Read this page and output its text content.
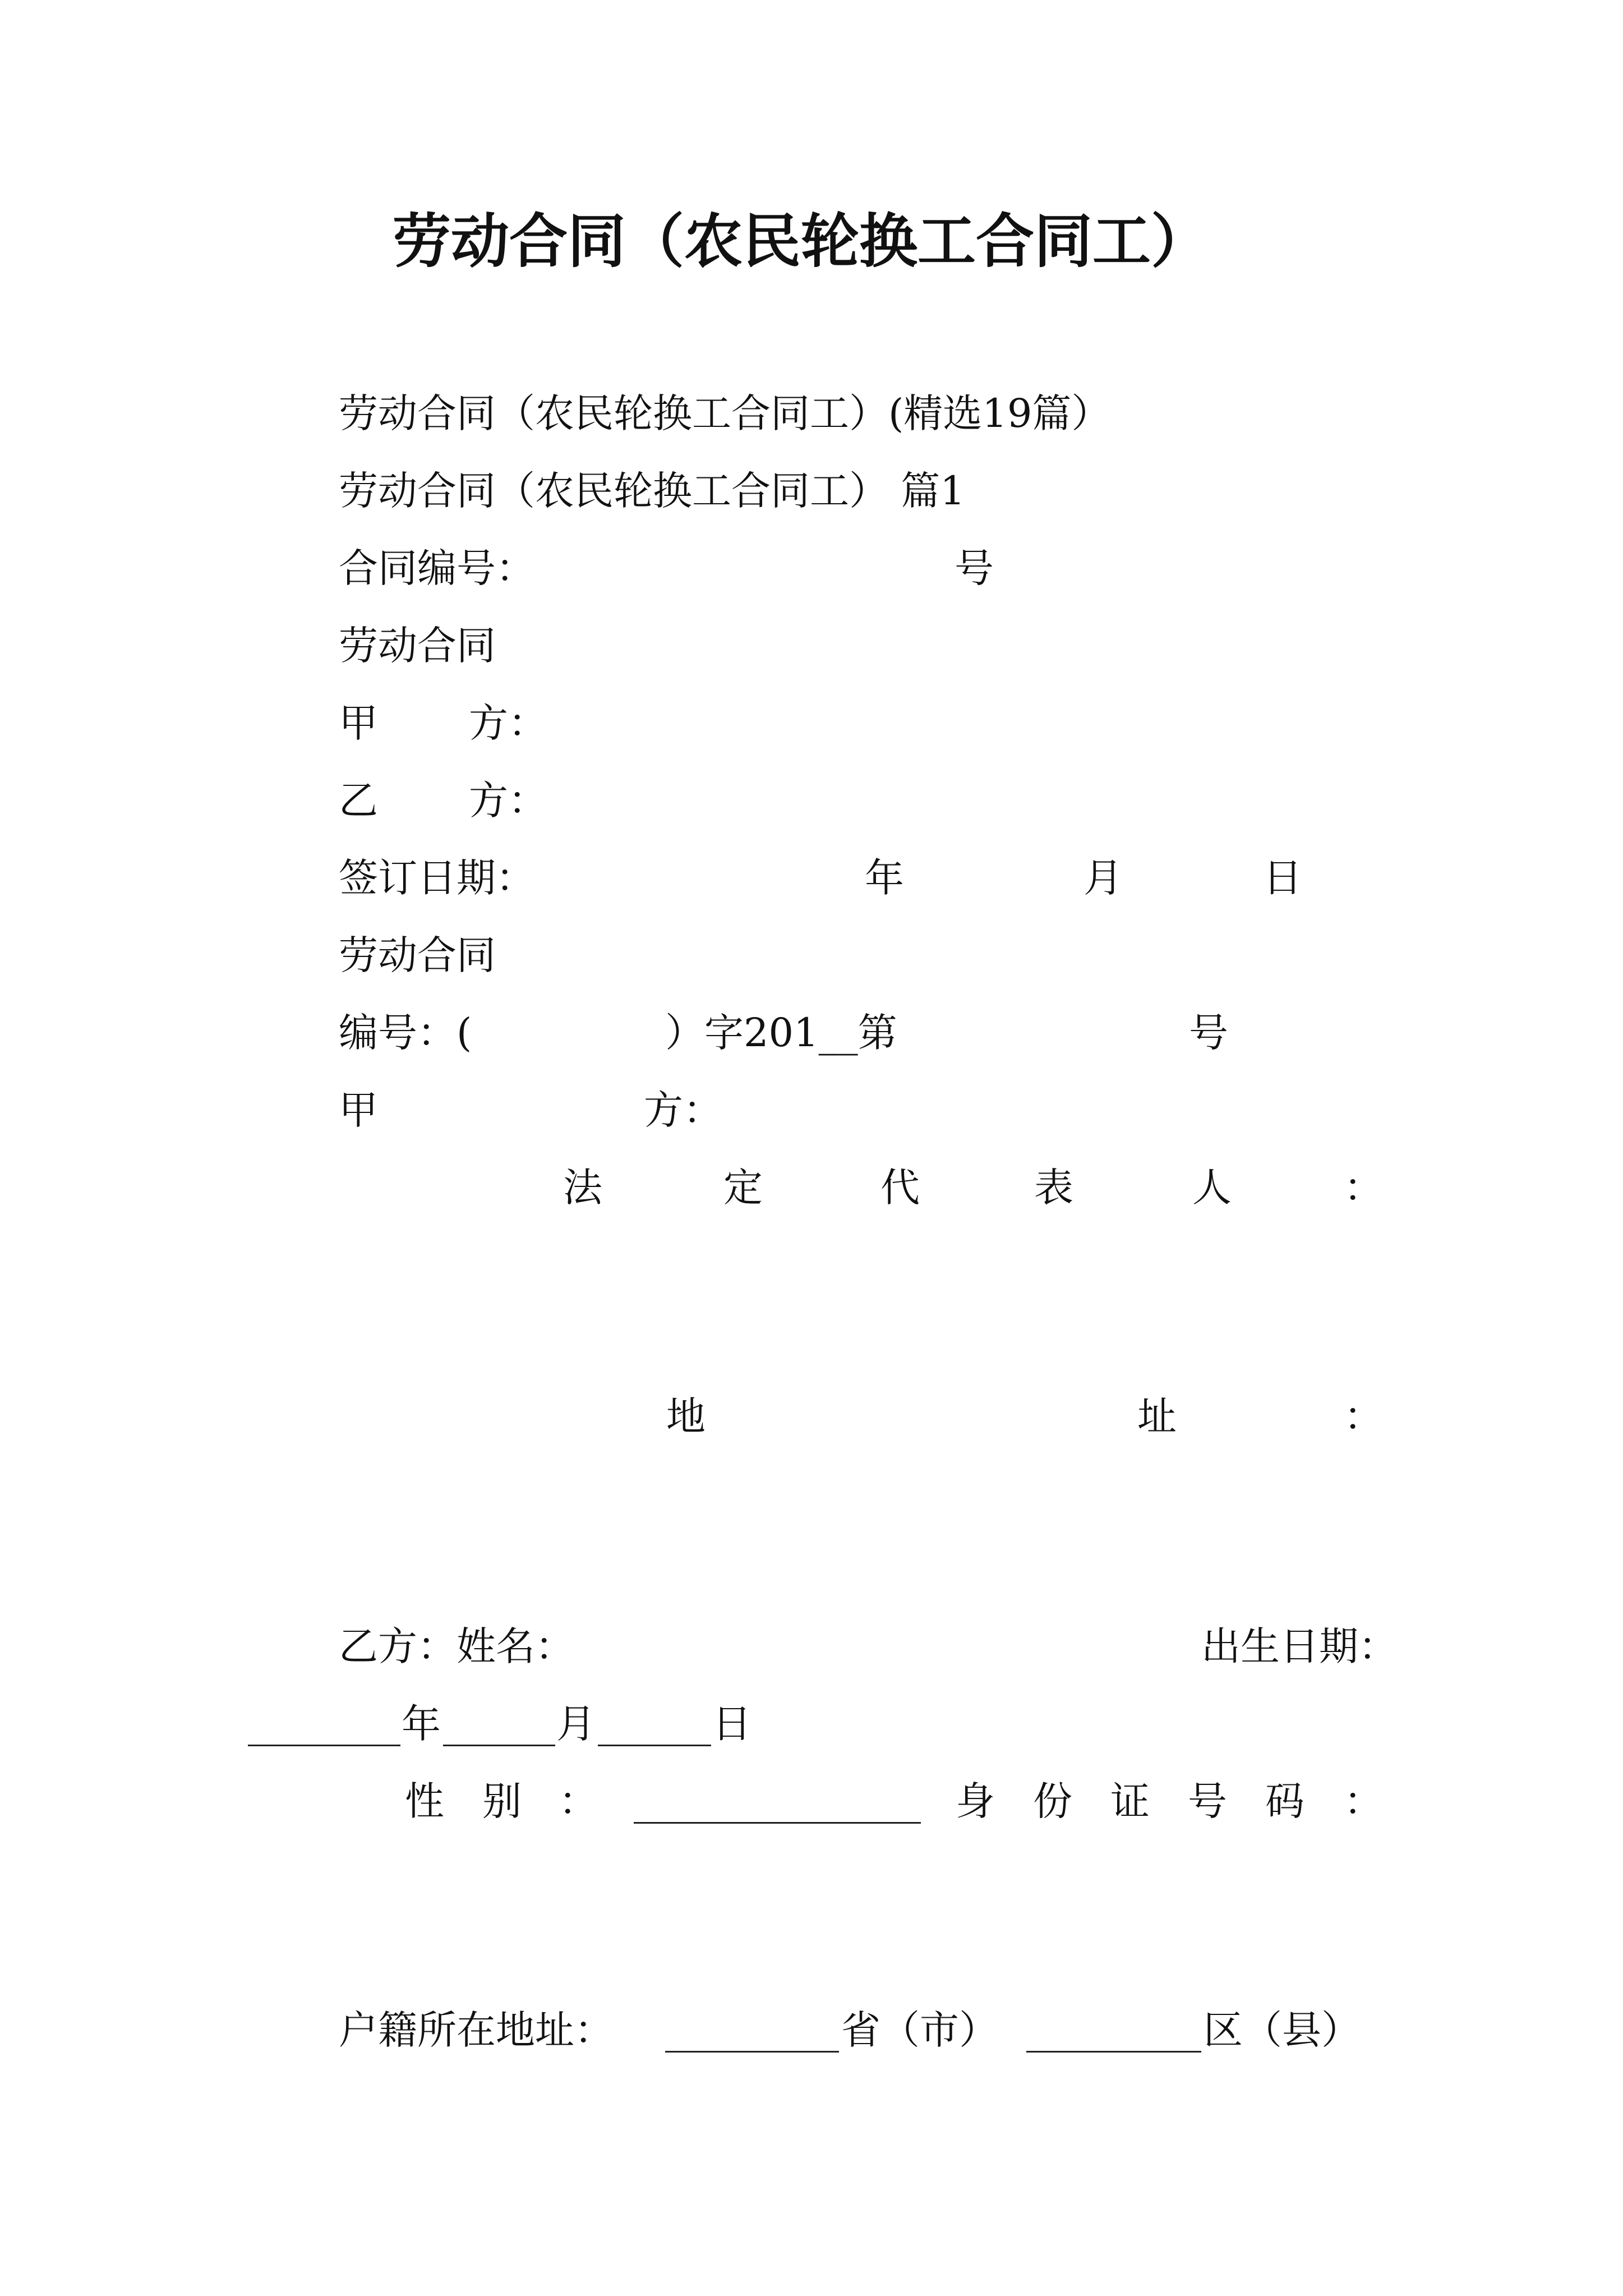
劳动合同（农民轮换工合同工）
劳动合同（农民轮换工合同工）(精选19篇）
劳动合同（农民轮换工合同工） 篇1
合同编号：	号
劳动合同
甲 方：
乙 方：
签订日期：	年	月	日
劳动合同
编号：(	）字201__第	号
甲	方：
法	定	代	表	人	：
地	址	：
乙方：姓名：	出生日期：
年	月	日
性 别 ：	身 份 证 号 码 ：
户籍所在地址：	省（市）	区（县）
